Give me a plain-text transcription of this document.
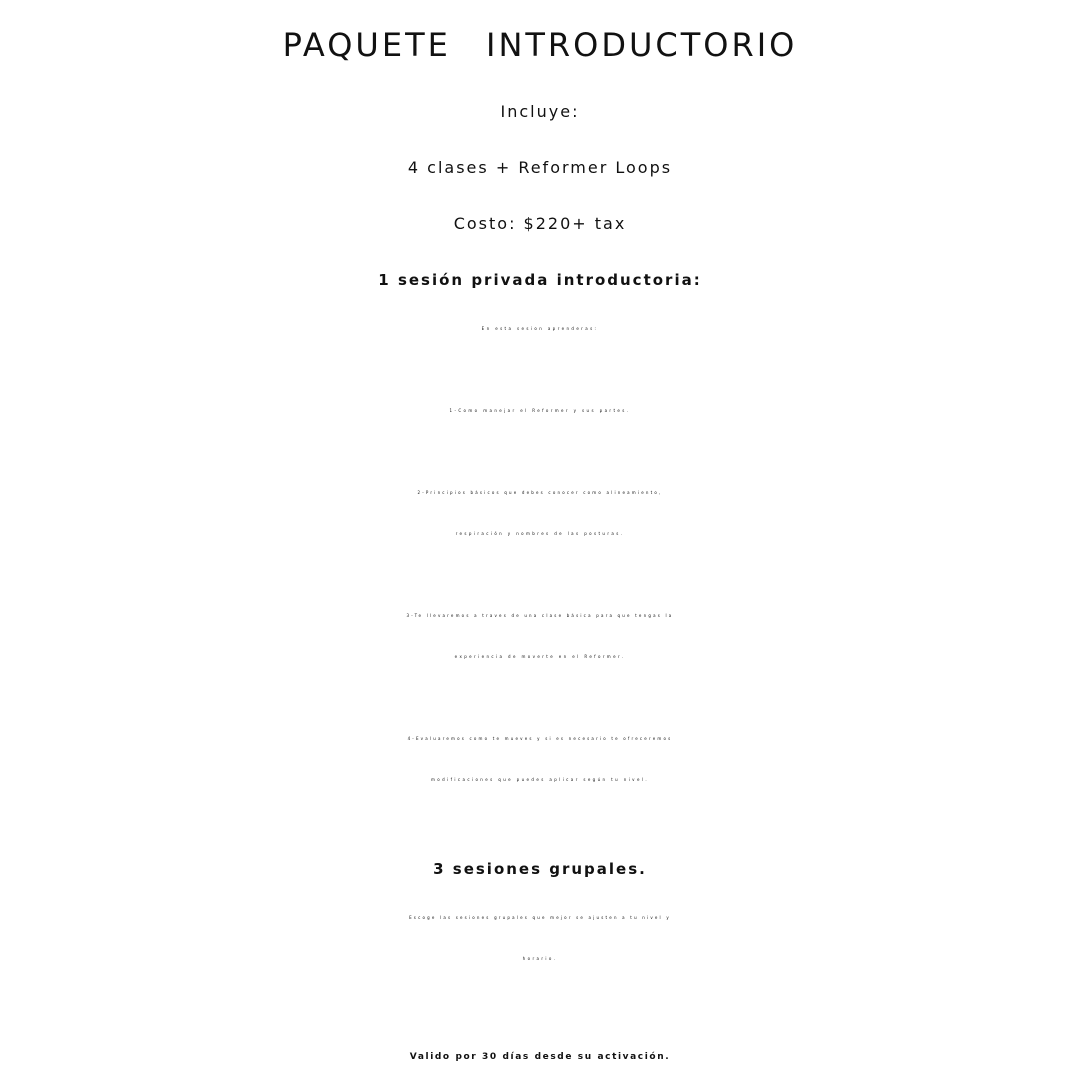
PAQUETE INTRODUCTORIO

Incluye:

4 clases + Reformer Loops

Costo: $220+ tax

1 sesión privada introductoria:

En esta sesion aprenderas:

1-Como manejar el Reformer y sus partes.

2-Principios básicos que debes conocer como alineamiento,

respiración y nombres de las posturas.

3-Te llevaremos a traves de una clase básica para que tengas la

experiencia de moverte en el Reformer.

4-Evaluaremos como te mueves y si es necesario te ofreceremos

modificaciones que puedes aplicar según tu nivel.

3 sesiones grupales.

Escoge las sesiones grupales que mejor se ajusten a tu nivel y

horario.

Valido por 30 días desde su activación.
